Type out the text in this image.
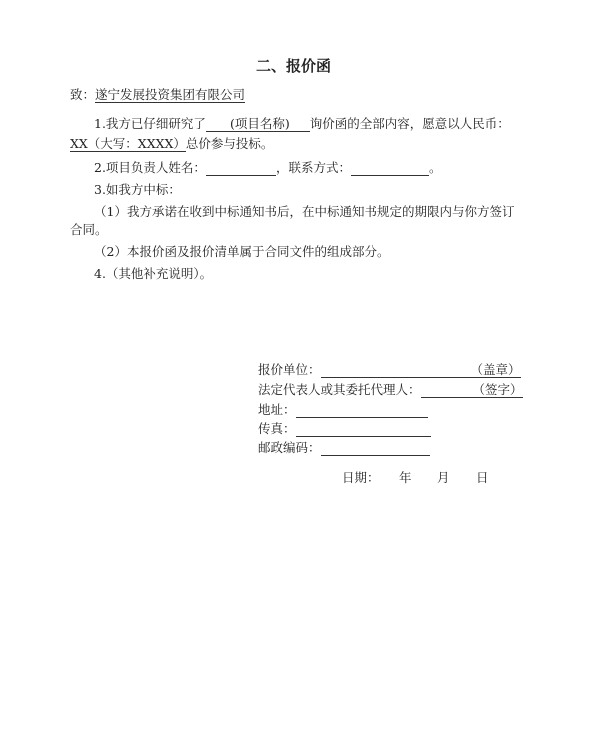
二、报价函
致：遂宁发展投资集团有限公司
1.我方已仔细研究了 (项目名称) 询价函的全部内容，愿意以人民币：
XX（大写：XXXX）总价参与投标。
2.项目负责人姓名：	，联系方式：	。
3.如我方中标：
（1）我方承诺在收到中标通知书后，在中标通知书规定的期限内与你方签订
合同。
（2）本报价函及报价清单属于合同文件的组成部分。
4.（其他补充说明）。
报价单位：	（盖章）
法定代表人或其委托代理人：	（签字）
地址：
传真：
邮政编码：
日期： 年 月 日
